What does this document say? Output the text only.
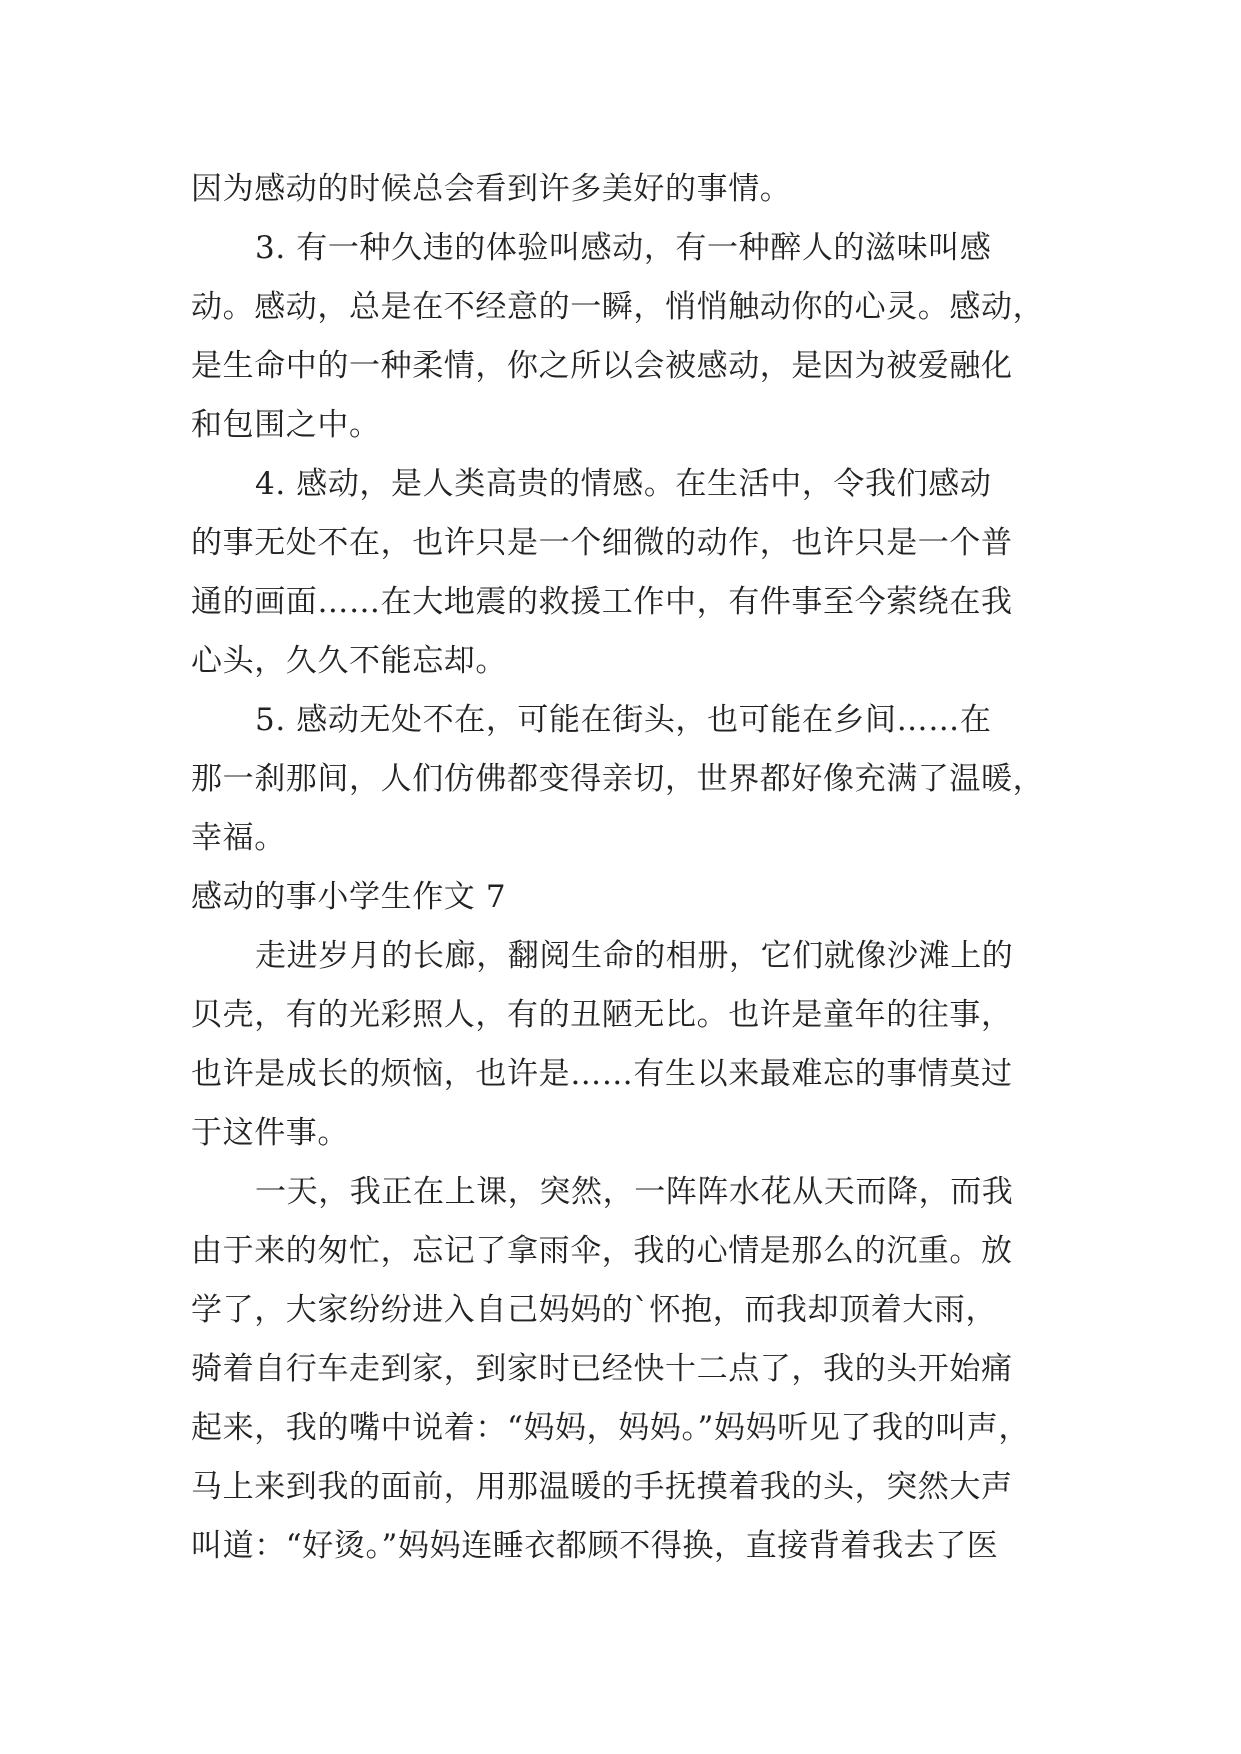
因为感动的时候总会看到许多美好的事情。
3. 有一种久违的体验叫感动，有一种醉人的滋味叫感
动。感动，总是在不经意的一瞬，悄悄触动你的心灵。感动，
是生命中的一种柔情，你之所以会被感动，是因为被爱融化
和包围之中。
4. 感动，是人类高贵的情感。在生活中，令我们感动
的事无处不在，也许只是一个细微的动作，也许只是一个普
通的画面……在大地震的救援工作中，有件事至今萦绕在我
心头，久久不能忘却。
5. 感动无处不在，可能在街头，也可能在乡间……在
那一刹那间，人们仿佛都变得亲切，世界都好像充满了温暖，
幸福。
感动的事小学生作文 7
走进岁月的长廊，翻阅生命的相册，它们就像沙滩上的
贝壳，有的光彩照人，有的丑陋无比。也许是童年的往事，
也许是成长的烦恼，也许是……有生以来最难忘的事情莫过
于这件事。
一天，我正在上课，突然，一阵阵水花从天而降，而我
由于来的匆忙，忘记了拿雨伞，我的心情是那么的沉重。放
学了，大家纷纷进入自己妈妈的`怀抱，而我却顶着大雨，
骑着自行车走到家，到家时已经快十二点了，我的头开始痛
起来，我的嘴中说着：“妈妈，妈妈。”妈妈听见了我的叫声，
马上来到我的面前，用那温暖的手抚摸着我的头，突然大声
叫道：“好烫。”妈妈连睡衣都顾不得换，直接背着我去了医
